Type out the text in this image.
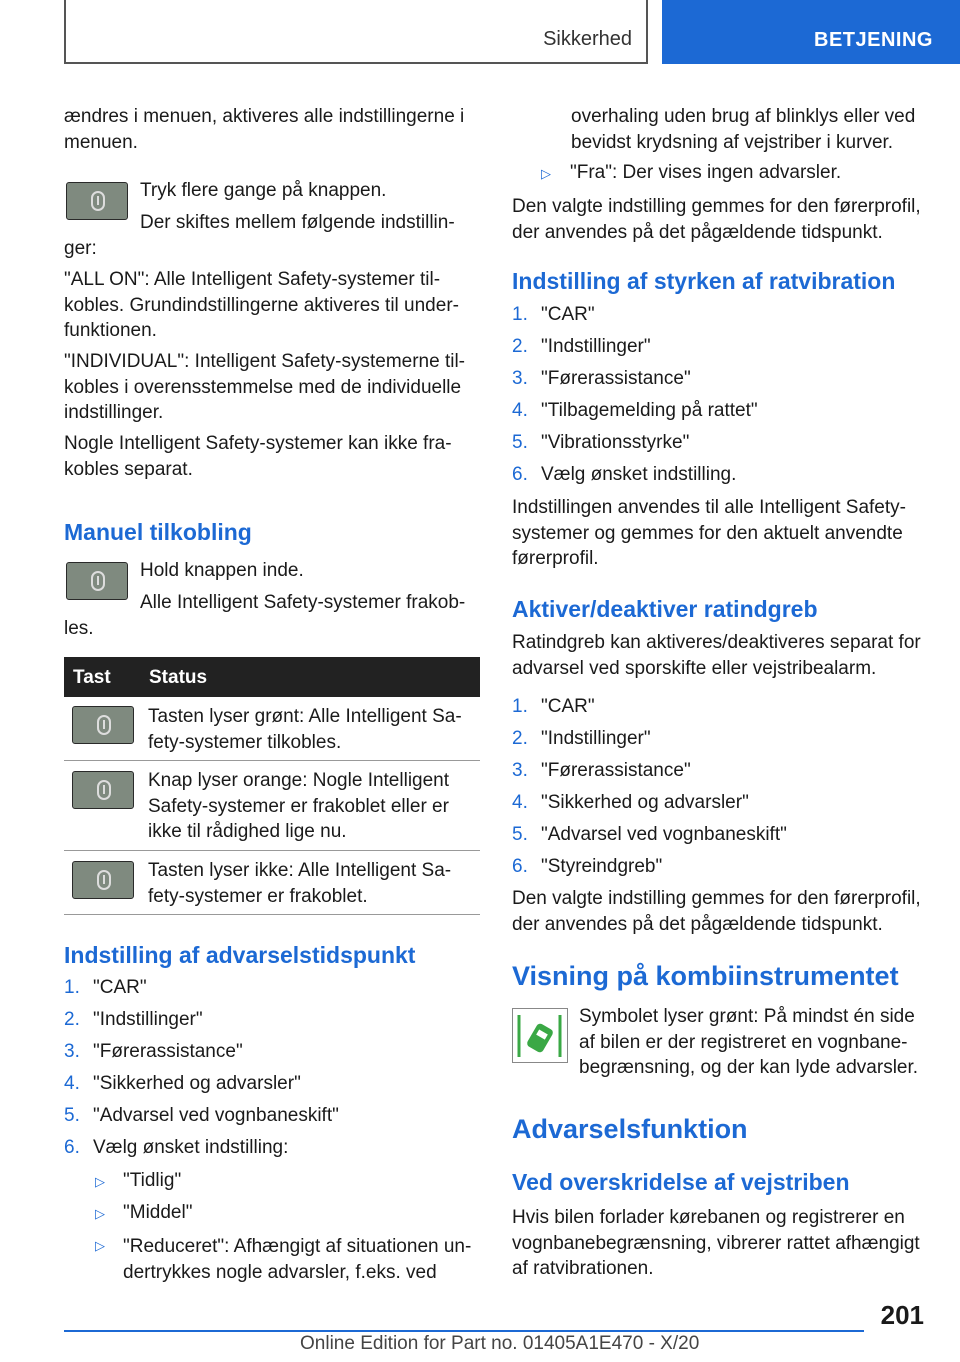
Sikkerhed	BETJENING

ændres i menuen, aktiveres alle indstillingerne i menuen.

Tryk flere gange på knappen.

Der skiftes mellem følgende indstillin-ger:

"ALL ON": Alle Intelligent Safety-systemer til-kobles. Grundindstillingerne aktiveres til under-funktionen.

"INDIVIDUAL": Intelligent Safety-systemerne til-kobles i overensstemmelse med de individuelle indstillinger.

Nogle Intelligent Safety-systemer kan ikke fra-kobles separat.

Manuel tilkobling

Hold knappen inde.

Alle Intelligent Safety-systemer frakob-les.

Tast Status

Tasten lyser grønt: Alle Intelligent Sa-fety-systemer tilkobles.

Knap lyser orange: Nogle Intelligent Safety-systemer er frakoblet eller er ikke til rådighed lige nu.

Tasten lyser ikke: Alle Intelligent Sa-fety-systemer er frakoblet.

Indstilling af advarselstidspunkt
1. "CAR"
2. "Indstillinger"
3. "Førerassistance"
4. "Sikkerhed og advarsler"
5. "Advarsel ved vognbaneskift"
6. Vælg ønsket indstilling:
▷ "Tidlig"
▷ "Middel"
▷ "Reduceret": Afhængigt af situationen un-dertrykkes nogle advarsler, f.eks. ved

overhaling uden brug af blinklys eller ved bevidst krydsning af vejstriber i kurver.

▷ "Fra": Der vises ingen advarsler.

Den valgte indstilling gemmes for den førerprofil, der anvendes på det pågældende tidspunkt.

Indstilling af styrken af ratvibration
1. "CAR"
2. "Indstillinger"
3. "Førerassistance"
4. "Tilbagemelding på rattet"
5. "Vibrationsstyrke"
6. Vælg ønsket indstilling.

Indstillingen anvendes til alle Intelligent Safety-systemer og gemmes for den aktuelt anvendte førerprofil.

Aktiver/deaktiver ratindgreb

Ratindgreb kan aktiveres/deaktiveres separat for advarsel ved sporskifte eller vejstribealarm.

1. "CAR"
2. "Indstillinger"
3. "Førerassistance"
4. "Sikkerhed og advarsler"
5. "Advarsel ved vognbaneskift"
6. "Styreindgreb"

Den valgte indstilling gemmes for den førerprofil, der anvendes på det pågældende tidspunkt.

Visning på kombiinstrumentet

Symbolet lyser grønt: På mindst én side af bilen er der registreret en vognbane-begrænsning, og der kan lyde advarsler.

Advarselsfunktion
Ved overskridelse af vejstriben

Hvis bilen forlader kørebanen og registrerer en vognbanebegrænsning, vibrerer rattet afhængigt af ratvibrationen.

201
Online Edition for Part no. 01405A1E470 - X/20
